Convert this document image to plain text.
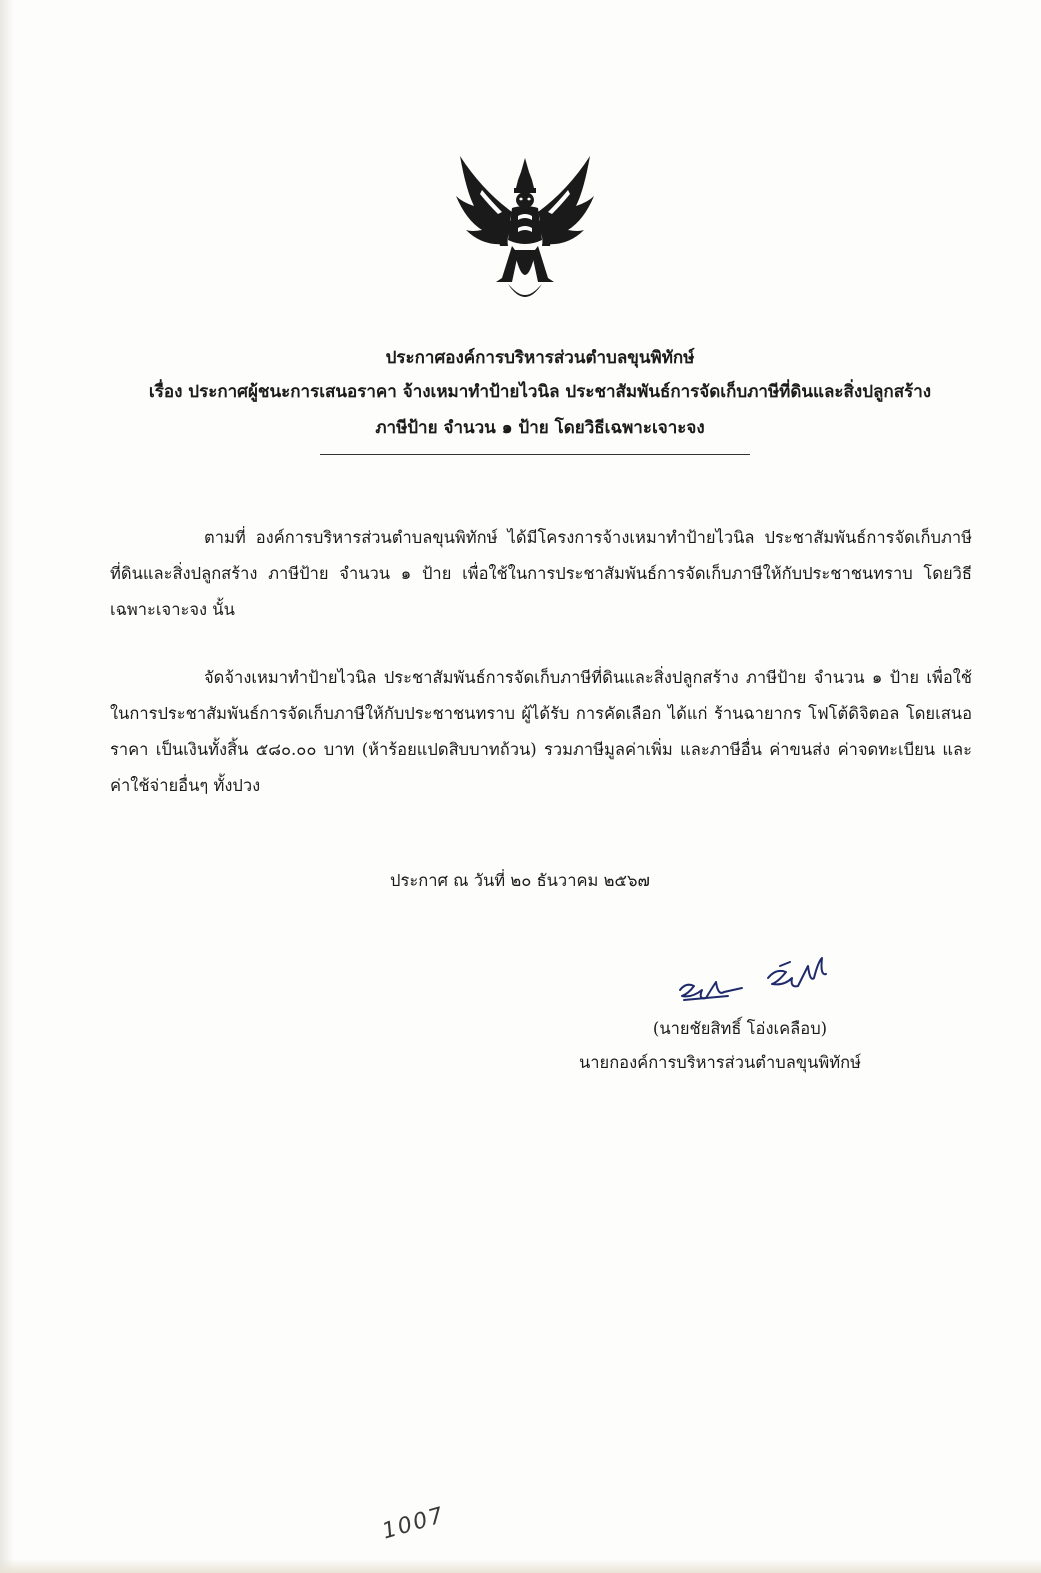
ประกาศองค์การบริหารส่วนตำบลขุนพิทักษ์
เรื่อง ประกาศผู้ชนะการเสนอราคา จ้างเหมาทำป้ายไวนิล ประชาสัมพันธ์การจัดเก็บภาษีที่ดินและสิ่งปลูกสร้าง
ภาษีป้าย จำนวน ๑ ป้าย โดยวิธีเฉพาะเจาะจง
ตามที่ องค์การบริหารส่วนตำบลขุนพิทักษ์ ได้มีโครงการจ้างเหมาทำป้ายไวนิล ประชาสัมพันธ์การจัดเก็บภาษีที่ดินและสิ่งปลูกสร้าง ภาษีป้าย จำนวน ๑ ป้าย เพื่อใช้ในการประชาสัมพันธ์การจัดเก็บภาษีให้กับประชาชนทราบ โดยวิธีเฉพาะเจาะจง นั้น
จัดจ้างเหมาทำป้ายไวนิล ประชาสัมพันธ์การจัดเก็บภาษีที่ดินและสิ่งปลูกสร้าง ภาษีป้าย จำนวน ๑ ป้าย เพื่อใช้ในการประชาสัมพันธ์การจัดเก็บภาษีให้กับประชาชนทราบ ผู้ได้รับ การคัดเลือก ได้แก่ ร้านฉายากร โฟโต้ดิจิตอล โดยเสนอราคา เป็นเงินทั้งสิ้น ๕๘๐.๐๐ บาท (ห้าร้อยแปดสิบบาทถ้วน) รวมภาษีมูลค่าเพิ่ม และภาษีอื่น ค่าขนส่ง ค่าจดทะเบียน และค่าใช้จ่ายอื่นๆ ทั้งปวง
ประกาศ ณ วันที่ ๒๐ ธันวาคม ๒๕๖๗
(นายชัยสิทธิ์ โอ่งเคลือบ)
นายกองค์การบริหารส่วนตำบลขุนพิทักษ์
1007
